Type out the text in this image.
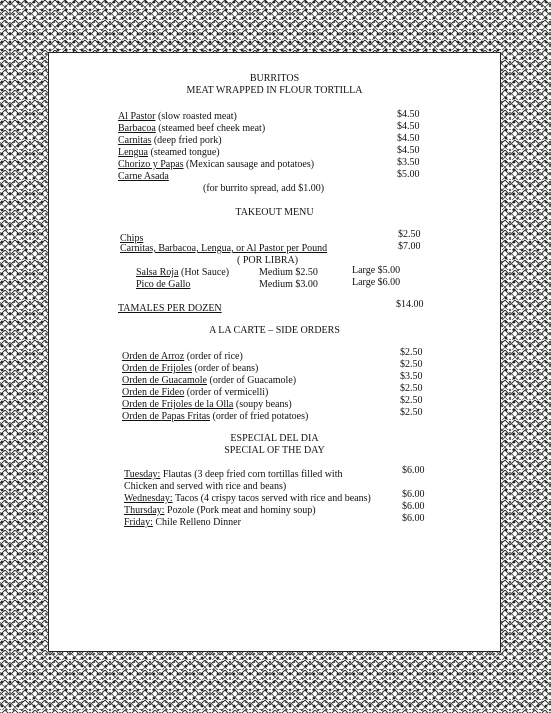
BURRITOS
MEAT WRAPPED IN FLOUR TORTILLA
Al Pastor (slow roasted meat)	$4.50
Barbacoa (steamed beef cheek meat)	$4.50
Carnitas (deep fried pork)	$4.50
Lengua (steamed tongue)	$4.50
Chorizo y Papas (Mexican sausage and potatoes)	$3.50
Carne Asada	$5.00
(for burrito spread, add $1.00)
TAKEOUT MENU
Chips	$2.50
Carnitas, Barbacoa, Lengua, or Al Pastor per Pound	$7.00
( POR LIBRA)
Salsa Roja (Hot Sauce)	Medium $2.50	Large $5.00
Pico de Gallo	Medium $3.00	Large $6.00
TAMALES PER DOZEN	$14.00
A LA CARTE – SIDE ORDERS
Orden de Arroz (order of rice)	$2.50
Orden de Frijoles (order of beans)	$2.50
Orden de Guacamole (order of Guacamole)	$3.50
Orden de Fideo (order of vermicelli)	$2.50
Orden de Frijoles de la Olla (soupy beans)	$2.50
Orden de Papas Fritas (order of fried potatoes)	$2.50
ESPECIAL DEL DIA
SPECIAL OF THE DAY
Tuesday: Flautas (3 deep fried corn tortillas filled with	$6.00
Chicken and served with rice and beans)
Wednesday: Tacos (4 crispy tacos served with rice and beans)	$6.00
Thursday: Pozole (Pork meat and hominy soup)	$6.00
Friday: Chile Relleno Dinner	$6.00
